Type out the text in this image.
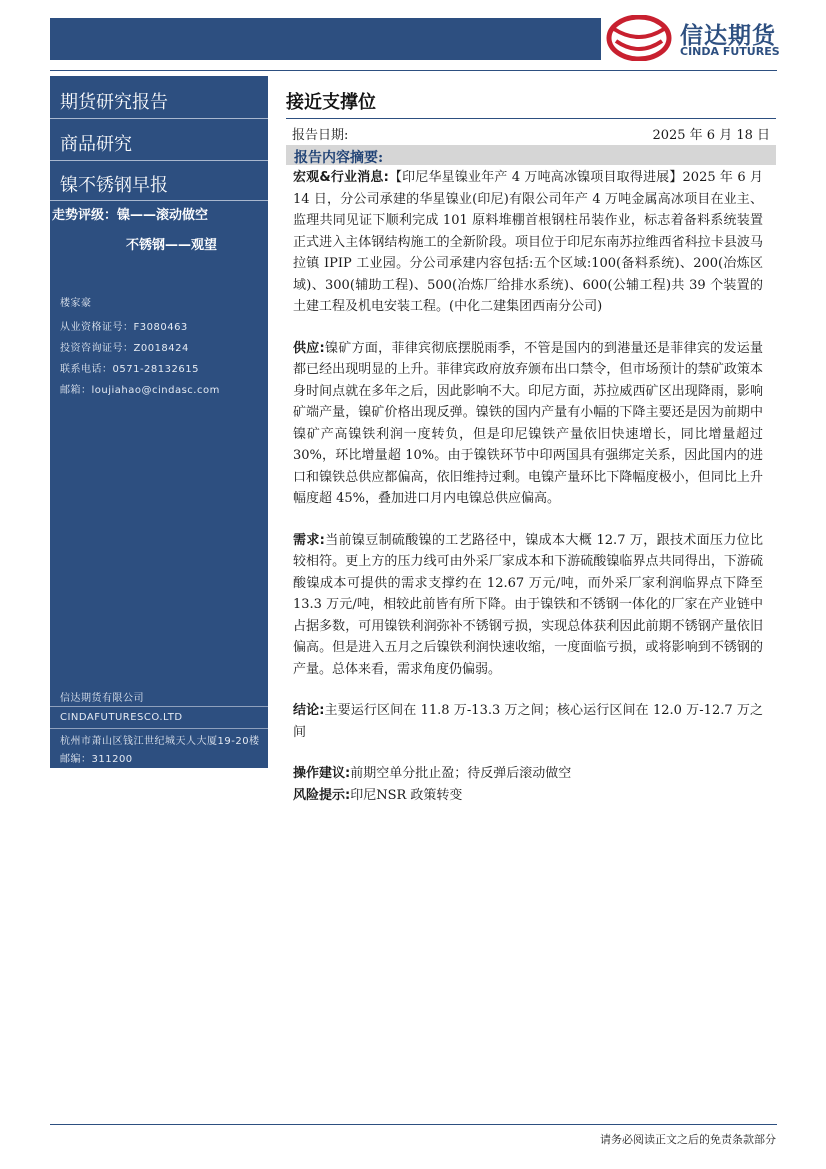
信达期货
CINDA FUTURES
期货研究报告
商品研究
镍不锈钢早报
走势评级：镍——滚动做空
不锈钢——观望
楼家豪
从业资格证号：F3080463
投资咨询证号：Z0018424
联系电话：0571-28132615
邮箱：loujiahao@cindasc.com
信达期货有限公司
CINDAFUTURESCO.LTD
杭州市萧山区钱江世纪城天人大厦19-20楼
邮编：311200
接近支撑位
报告日期:	2025 年 6 月 18 日
报告内容摘要:

宏观&行业消息:【印尼华星镍业年产 4 万吨高冰镍项目取得进展】2025 年 6 月 14 日，分公司承建的华星镍业(印尼)有限公司年产 4 万吨金属高冰项目在业主、监理共同见证下顺利完成 101 原料堆棚首根钢柱吊装作业，标志着备料系统装置正式进入主体钢结构施工的全新阶段。项目位于印尼东南苏拉维西省科拉卡县波马拉镇 IPIP 工业园。分公司承建内容包括:五个区域:100(备料系统)、200(冶炼区域)、300(辅助工程)、500(冶炼厂给排水系统)、600(公辅工程)共 39 个装置的土建工程及机电安装工程。(中化二建集团西南分公司)

供应:镍矿方面，菲律宾彻底摆脱雨季，不管是国内的到港量还是菲律宾的发运量都已经出现明显的上升。菲律宾政府放弃颁布出口禁令，但市场预计的禁矿政策本身时间点就在多年之后，因此影响不大。印尼方面，苏拉威西矿区出现降雨，影响矿端产量，镍矿价格出现反弹。镍铁的国内产量有小幅的下降主要还是因为前期中镍矿产高镍铁利润一度转负，但是印尼镍铁产量依旧快速增长，同比增量超过 30%，环比增量超 10%。由于镍铁环节中印两国具有强绑定关系，因此国内的进口和镍铁总供应都偏高，依旧维持过剩。电镍产量环比下降幅度极小，但同比上升幅度超 45%，叠加进口月内电镍总供应偏高。

需求:当前镍豆制硫酸镍的工艺路径中，镍成本大概 12.7 万，跟技术面压力位比较相符。更上方的压力线可由外采厂家成本和下游硫酸镍临界点共同得出，下游硫酸镍成本可提供的需求支撑约在 12.67 万元/吨，而外采厂家利润临界点下降至 13.3 万元/吨，相较此前皆有所下降。由于镍铁和不锈钢一体化的厂家在产业链中占据多数，可用镍铁利润弥补不锈钢亏损，实现总体获利因此前期不锈钢产量依旧偏高。但是进入五月之后镍铁利润快速收缩，一度面临亏损，或将影响到不锈钢的产量。总体来看，需求角度仍偏弱。

结论:主要运行区间在 11.8 万-13.3 万之间；核心运行区间在 12.0 万-12.7 万之间

操作建议:前期空单分批止盈；待反弹后滚动做空

风险提示:印尼NSR 政策转变

请务必阅读正文之后的免责条款部分
